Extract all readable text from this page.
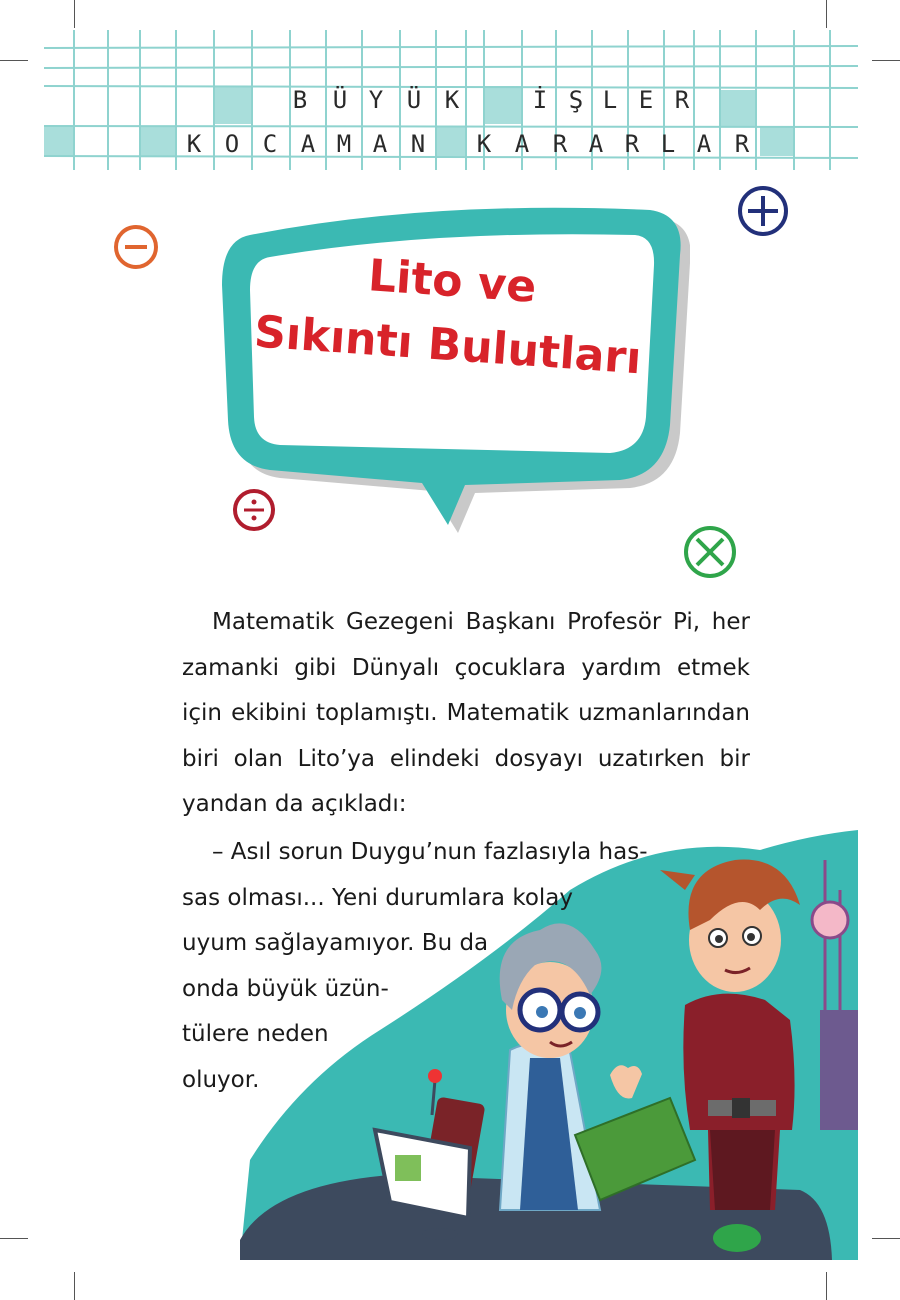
B	Ü Y Ü K	İ Ş L E R
K O C A M A N	K A R A R L A R
Lito ve
Sıkıntı Bulutları

Matematik Gezegeni Başkanı Profesör Pi, her zamanki gibi Dünyalı çocuklara yardım etmek için ekibini toplamıştı. Matematik uzmanlarından biri olan Lito’ya elindeki dosyayı uzatırken bir yandan da açıkladı:

– Asıl sorun Duygu’nun fazlasıyla has-
sas olması... Yeni durumlara kolay
uyum sağlayamıyor. Bu da
onda büyük üzün-
tülere neden
oluyor.
